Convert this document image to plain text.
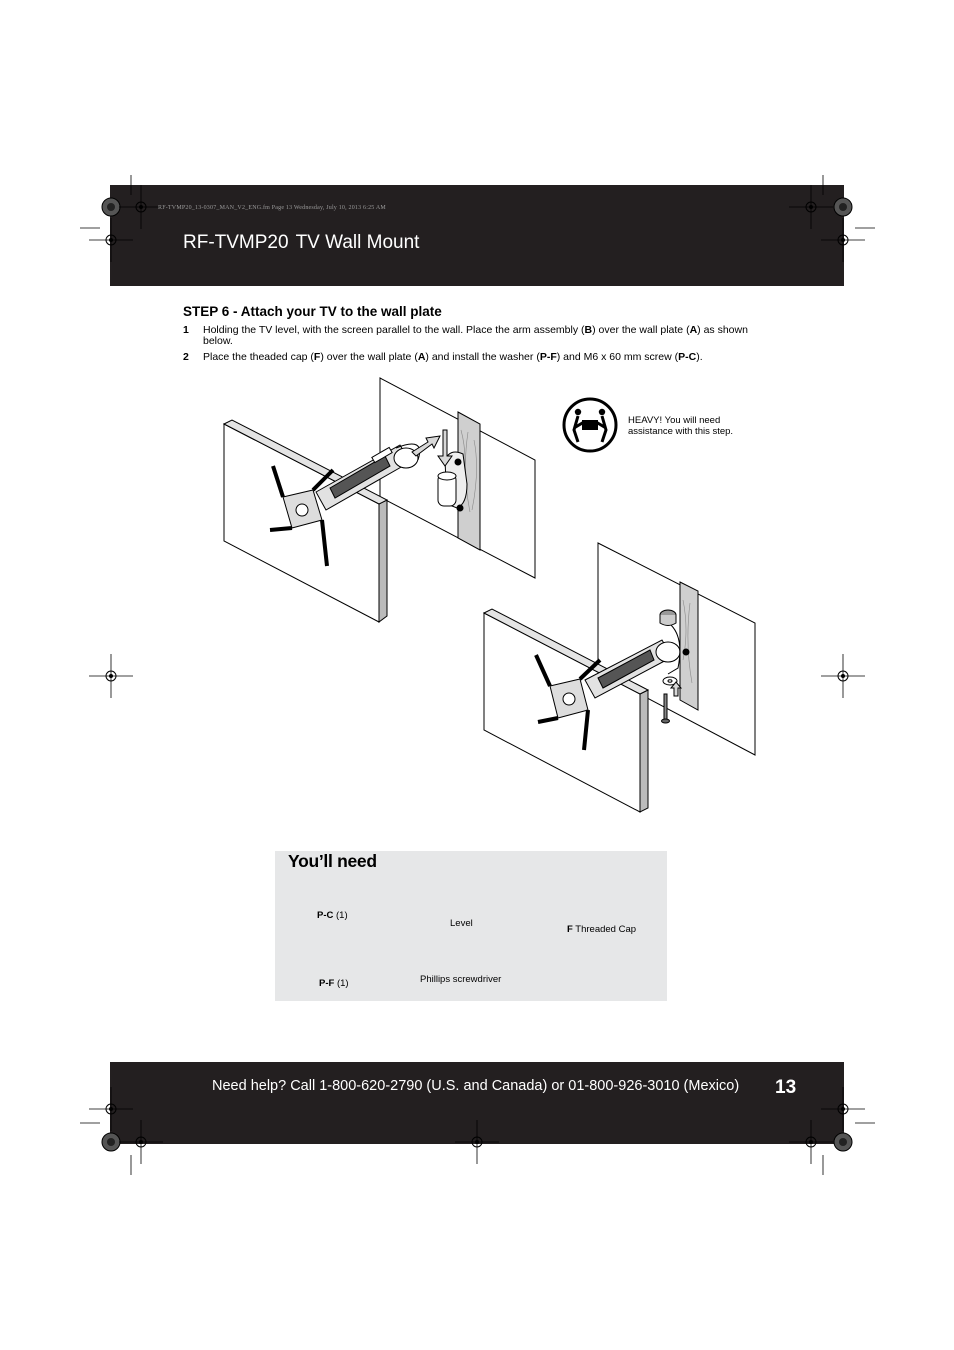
RF-TVMP20_13-0307_MAN_V2_ENG.fm Page 13 Wednesday, July 10, 2013 6:25 AM
RF-TVMP20 TV Wall Mount
STEP 6 - Attach your TV to the wall plate
1 Holding the TV level, with the screen parallel to the wall. Place the arm assembly (B) over the wall plate (A) as shown below.
2 Place the theaded cap (F) over the wall plate (A) and install the washer (P-F) and M6 x 60 mm screw (P-C).
HEAVY! You will need assistance with this step.
You’ll need
P-C (1)
Level
F Threaded Cap
P-F (1)	Phillips screwdriver
Need help? Call 1-800-620-2790 (U.S. and Canada) or 01-800-926-3010 (Mexico) 13
